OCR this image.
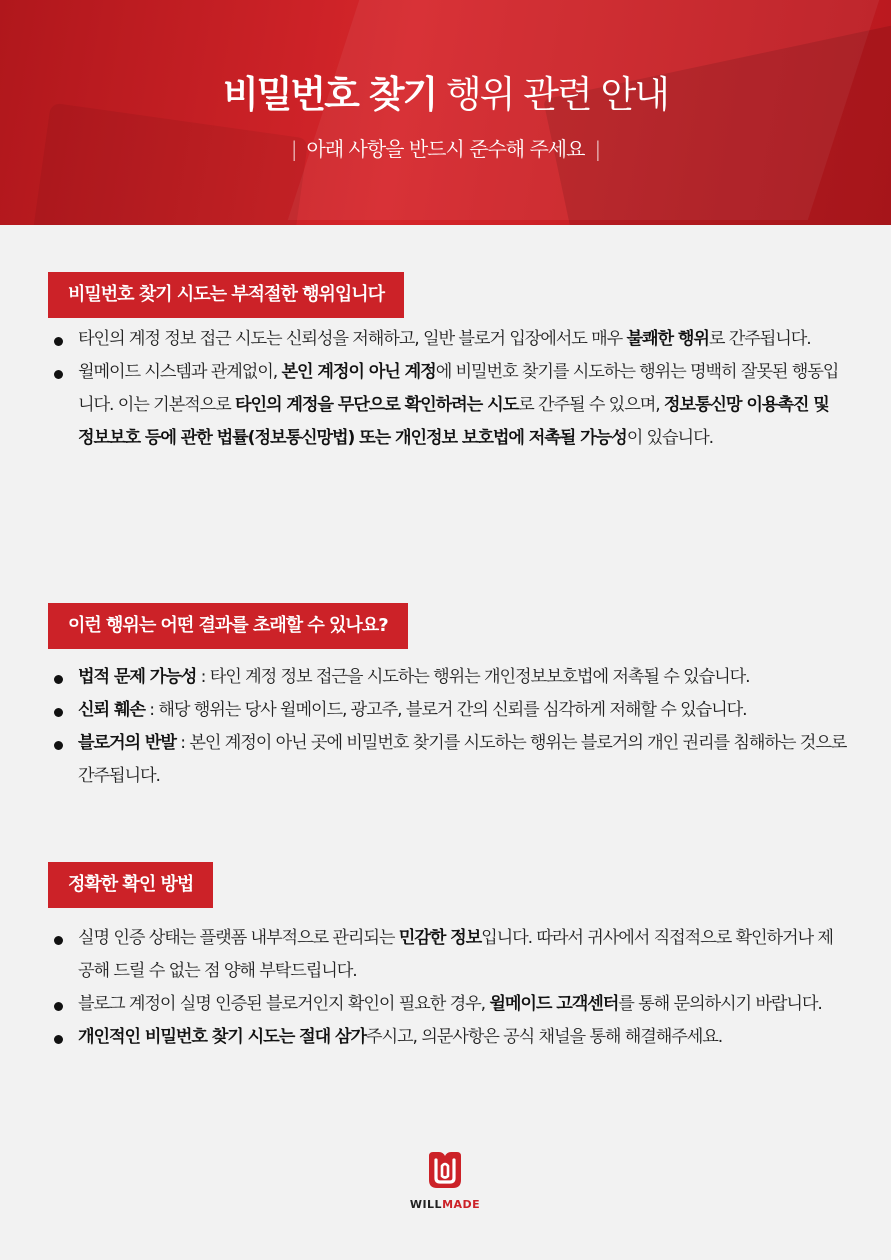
비밀번호 찾기 행위 관련 안내
| 아래 사항을 반드시 준수해 주세요 |
비밀번호 찾기 시도는 부적절한 행위입니다
타인의 계정 정보 접근 시도는 신뢰성을 저해하고, 일반 블로거 입장에서도 매우 불쾌한 행위로 간주됩니다.
윌메이드 시스템과 관계없이, 본인 계정이 아닌 계정에 비밀번호 찾기를 시도하는 행위는 명백히 잘못된 행동입니다. 이는 기본적으로 타인의 계정을 무단으로 확인하려는 시도로 간주될 수 있으며, 정보통신망 이용촉진 및 정보보호 등에 관한 법률(정보통신망법) 또는 개인정보 보호법에 저촉될 가능성이 있습니다.
이런 행위는 어떤 결과를 초래할 수 있나요?
법적 문제 가능성 : 타인 계정 정보 접근을 시도하는 행위는 개인정보보호법에 저촉될 수 있습니다.
신뢰 훼손 : 해당 행위는 당사 윌메이드, 광고주, 블로거 간의 신뢰를 심각하게 저해할 수 있습니다.
블로거의 반발 : 본인 계정이 아닌 곳에 비밀번호 찾기를 시도하는 행위는 블로거의 개인 권리를 침해하는 것으로 간주됩니다.
정확한 확인 방법
실명 인증 상태는 플랫폼 내부적으로 관리되는 민감한 정보입니다. 따라서 귀사에서 직접적으로 확인하거나 제공해 드릴 수 없는 점 양해 부탁드립니다.
블로그 계정이 실명 인증된 블로거인지 확인이 필요한 경우, 윌메이드 고객센터를 통해 문의하시기 바랍니다.
개인적인 비밀번호 찾기 시도는 절대 삼가주시고, 의문사항은 공식 채널을 통해 해결해주세요.
WILLMADE
